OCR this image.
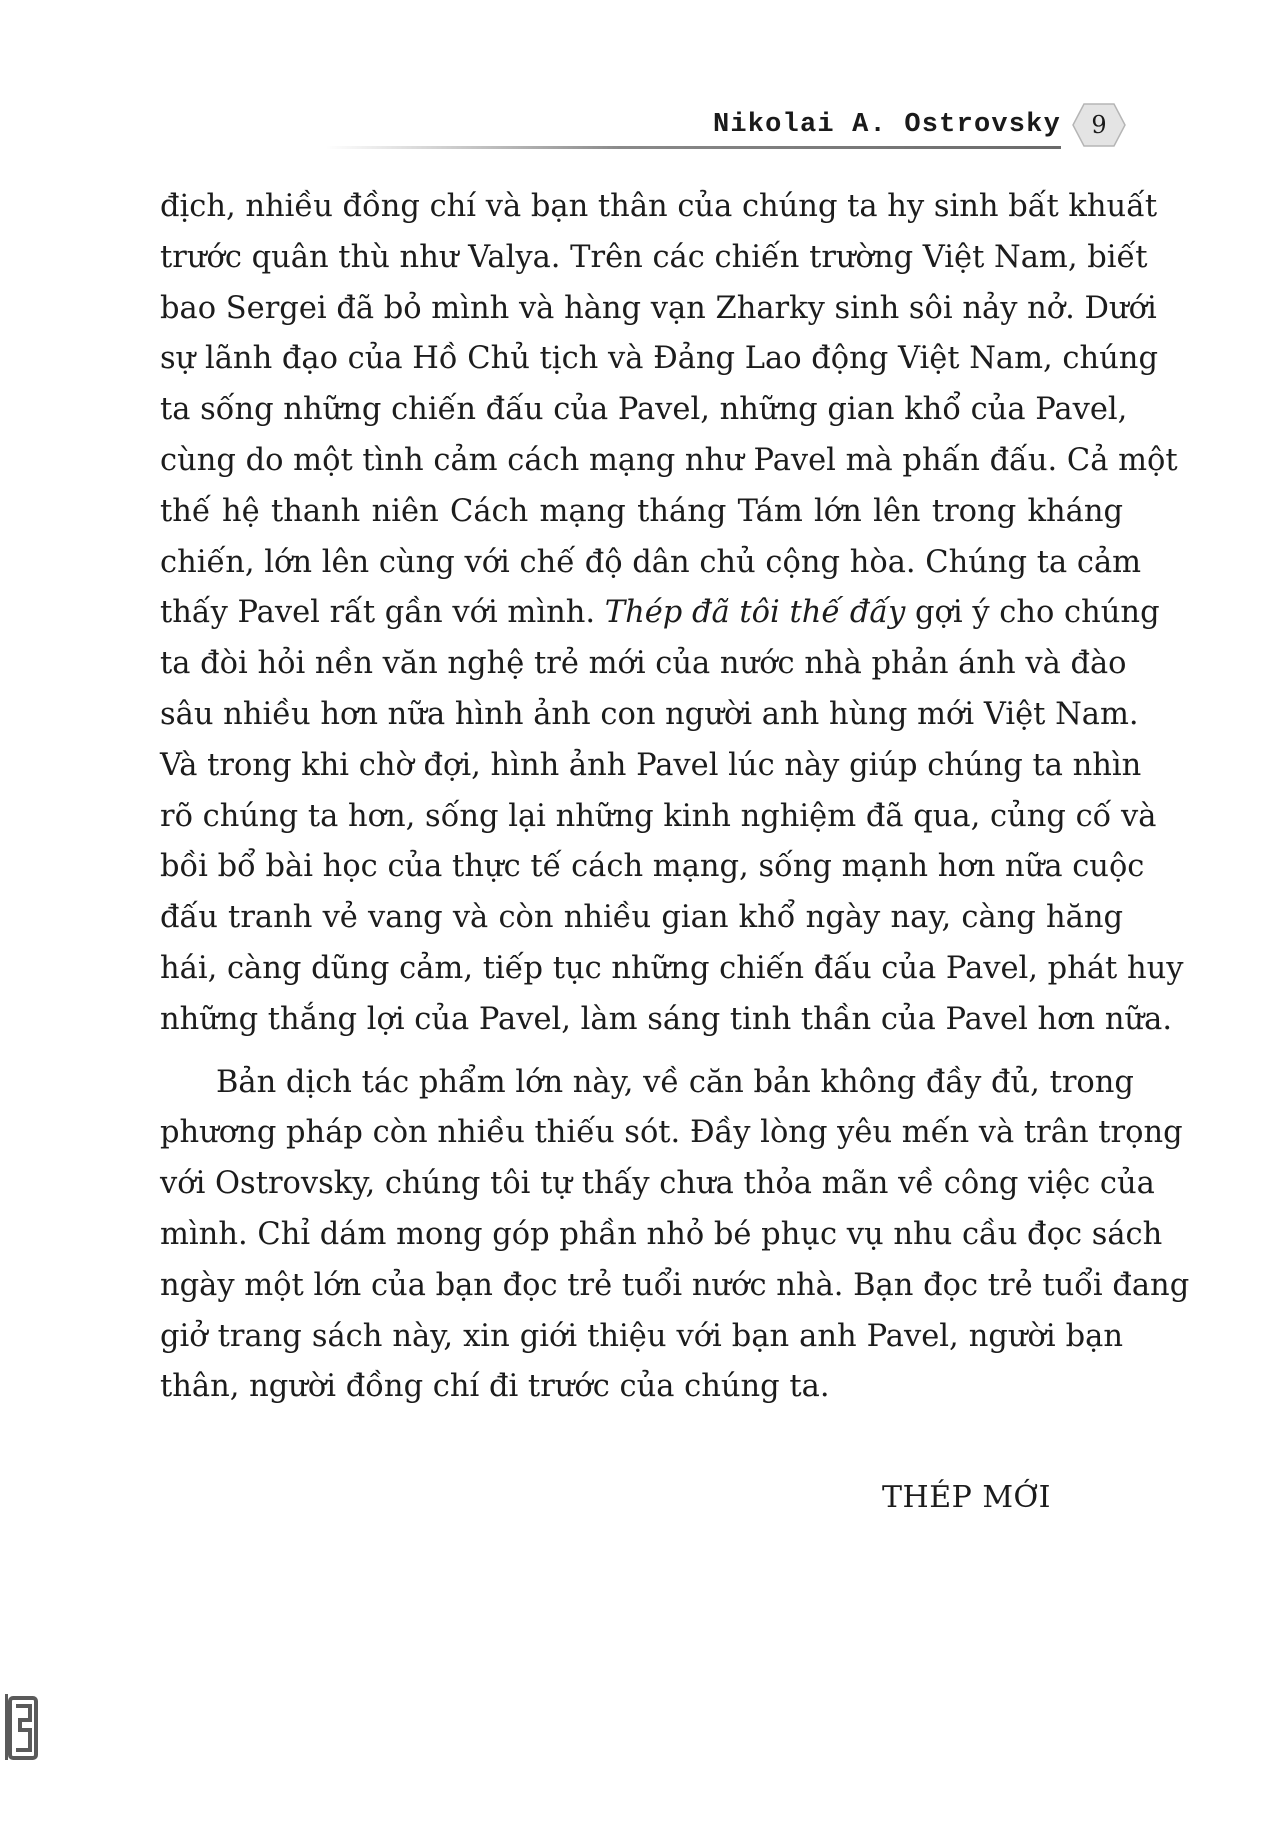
Nikolai A. Ostrovsky	9
địch, nhiều đồng chí và bạn thân của chúng ta hy sinh bất khuất
trước quân thù như Valya. Trên các chiến trường Việt Nam, biết
bao Sergei đã bỏ mình và hàng vạn Zharky sinh sôi nảy nở. Dưới
sự lãnh đạo của Hồ Chủ tịch và Đảng Lao động Việt Nam, chúng
ta sống những chiến đấu của Pavel, những gian khổ của Pavel,
cùng do một tình cảm cách mạng như Pavel mà phấn đấu. Cả một
thế hệ thanh niên Cách mạng tháng Tám lớn lên trong kháng
chiến, lớn lên cùng với chế độ dân chủ cộng hòa. Chúng ta cảm
thấy Pavel rất gần với mình. Thép đã tôi thế đấy gợi ý cho chúng
ta đòi hỏi nền văn nghệ trẻ mới của nước nhà phản ánh và đào
sâu nhiều hơn nữa hình ảnh con người anh hùng mới Việt Nam.
Và trong khi chờ đợi, hình ảnh Pavel lúc này giúp chúng ta nhìn
rõ chúng ta hơn, sống lại những kinh nghiệm đã qua, củng cố và
bồi bổ bài học của thực tế cách mạng, sống mạnh hơn nữa cuộc
đấu tranh vẻ vang và còn nhiều gian khổ ngày nay, càng hăng
hái, càng dũng cảm, tiếp tục những chiến đấu của Pavel, phát huy
những thắng lợi của Pavel, làm sáng tinh thần của Pavel hơn nữa.
Bản dịch tác phẩm lớn này, về căn bản không đầy đủ, trong
phương pháp còn nhiều thiếu sót. Đầy lòng yêu mến và trân trọng
với Ostrovsky, chúng tôi tự thấy chưa thỏa mãn về công việc của
mình. Chỉ dám mong góp phần nhỏ bé phục vụ nhu cầu đọc sách
ngày một lớn của bạn đọc trẻ tuổi nước nhà. Bạn đọc trẻ tuổi đang
giở trang sách này, xin giới thiệu với bạn anh Pavel, người bạn
thân, người đồng chí đi trước của chúng ta.
THÉP MỚI
